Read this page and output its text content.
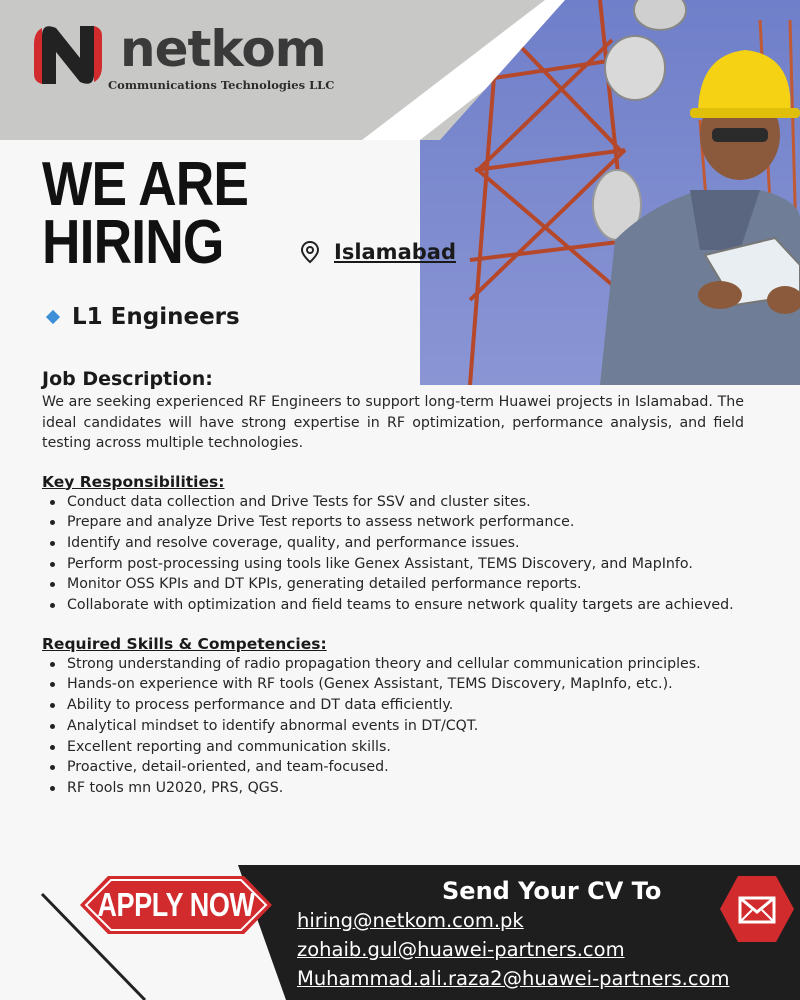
netkom
Communications Technologies LLC
WE ARE
HIRING	Islamabad
L1 Engineers
Job Description:

We are seeking experienced RF Engineers to support long-term Huawei projects in Islamabad. The ideal candidates will have strong expertise in RF optimization, performance analysis, and field testing across multiple technologies.

Key Responsibilities:
Conduct data collection and Drive Tests for SSV and cluster sites.
Prepare and analyze Drive Test reports to assess network performance.
Identify and resolve coverage, quality, and performance issues.
Perform post-processing using tools like Genex Assistant, TEMS Discovery, and MapInfo.
Monitor OSS KPIs and DT KPIs, generating detailed performance reports.
Collaborate with optimization and field teams to ensure network quality targets are achieved.
Required Skills & Competencies:
Strong understanding of radio propagation theory and cellular communication principles.
Hands-on experience with RF tools (Genex Assistant, TEMS Discovery, MapInfo, etc.).
Ability to process performance and DT data efficiently.
Analytical mindset to identify abnormal events in DT/CQT.
Excellent reporting and communication skills.
Proactive, detail-oriented, and team-focused.
RF tools mn U2020, PRS, QGS.
APPLY NOW	Send Your CV To
hiring@netkom.com.pk
zohaib.gul@huawei-partners.com
Muhammad.ali.raza2@huawei-partners.com
